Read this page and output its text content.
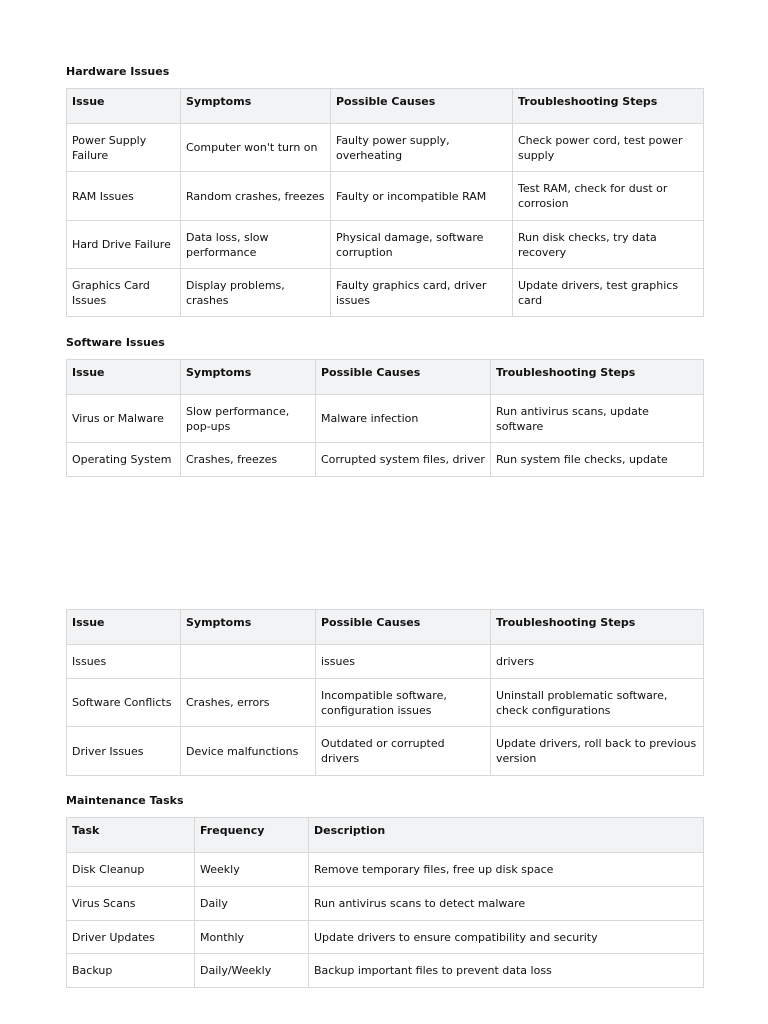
Hardware Issues
Issue	Symptoms	Possible Causes	Troubleshooting Steps
Power Supply Failure	Computer won't turn on	Faulty power supply, overheating	Check power cord, test power supply
RAM Issues	Random crashes, freezes	Faulty or incompatible RAM	Test RAM, check for dust or corrosion
Hard Drive Failure	Data loss, slow performance	Physical damage, software corruption	Run disk checks, try data recovery
Graphics Card Issues	Display problems, crashes	Faulty graphics card, driver issues	Update drivers, test graphics card
Software Issues
Issue	Symptoms	Possible Causes	Troubleshooting Steps
Virus or Malware	Slow performance, pop-ups	Malware infection	Run antivirus scans, update software
Operating System	Crashes, freezes	Corrupted system files, driver	Run system file checks, update
Issue	Symptoms	Possible Causes	Troubleshooting Steps
Issues		issues	drivers
Software Conflicts	Crashes, errors	Incompatible software, configuration issues	Uninstall problematic software, check configurations
Driver Issues	Device malfunctions	Outdated or corrupted drivers	Update drivers, roll back to previous version
Maintenance Tasks
Task	Frequency	Description
Disk Cleanup	Weekly	Remove temporary files, free up disk space
Virus Scans	Daily	Run antivirus scans to detect malware
Driver Updates	Monthly	Update drivers to ensure compatibility and security
Backup	Daily/Weekly	Backup important files to prevent data loss
